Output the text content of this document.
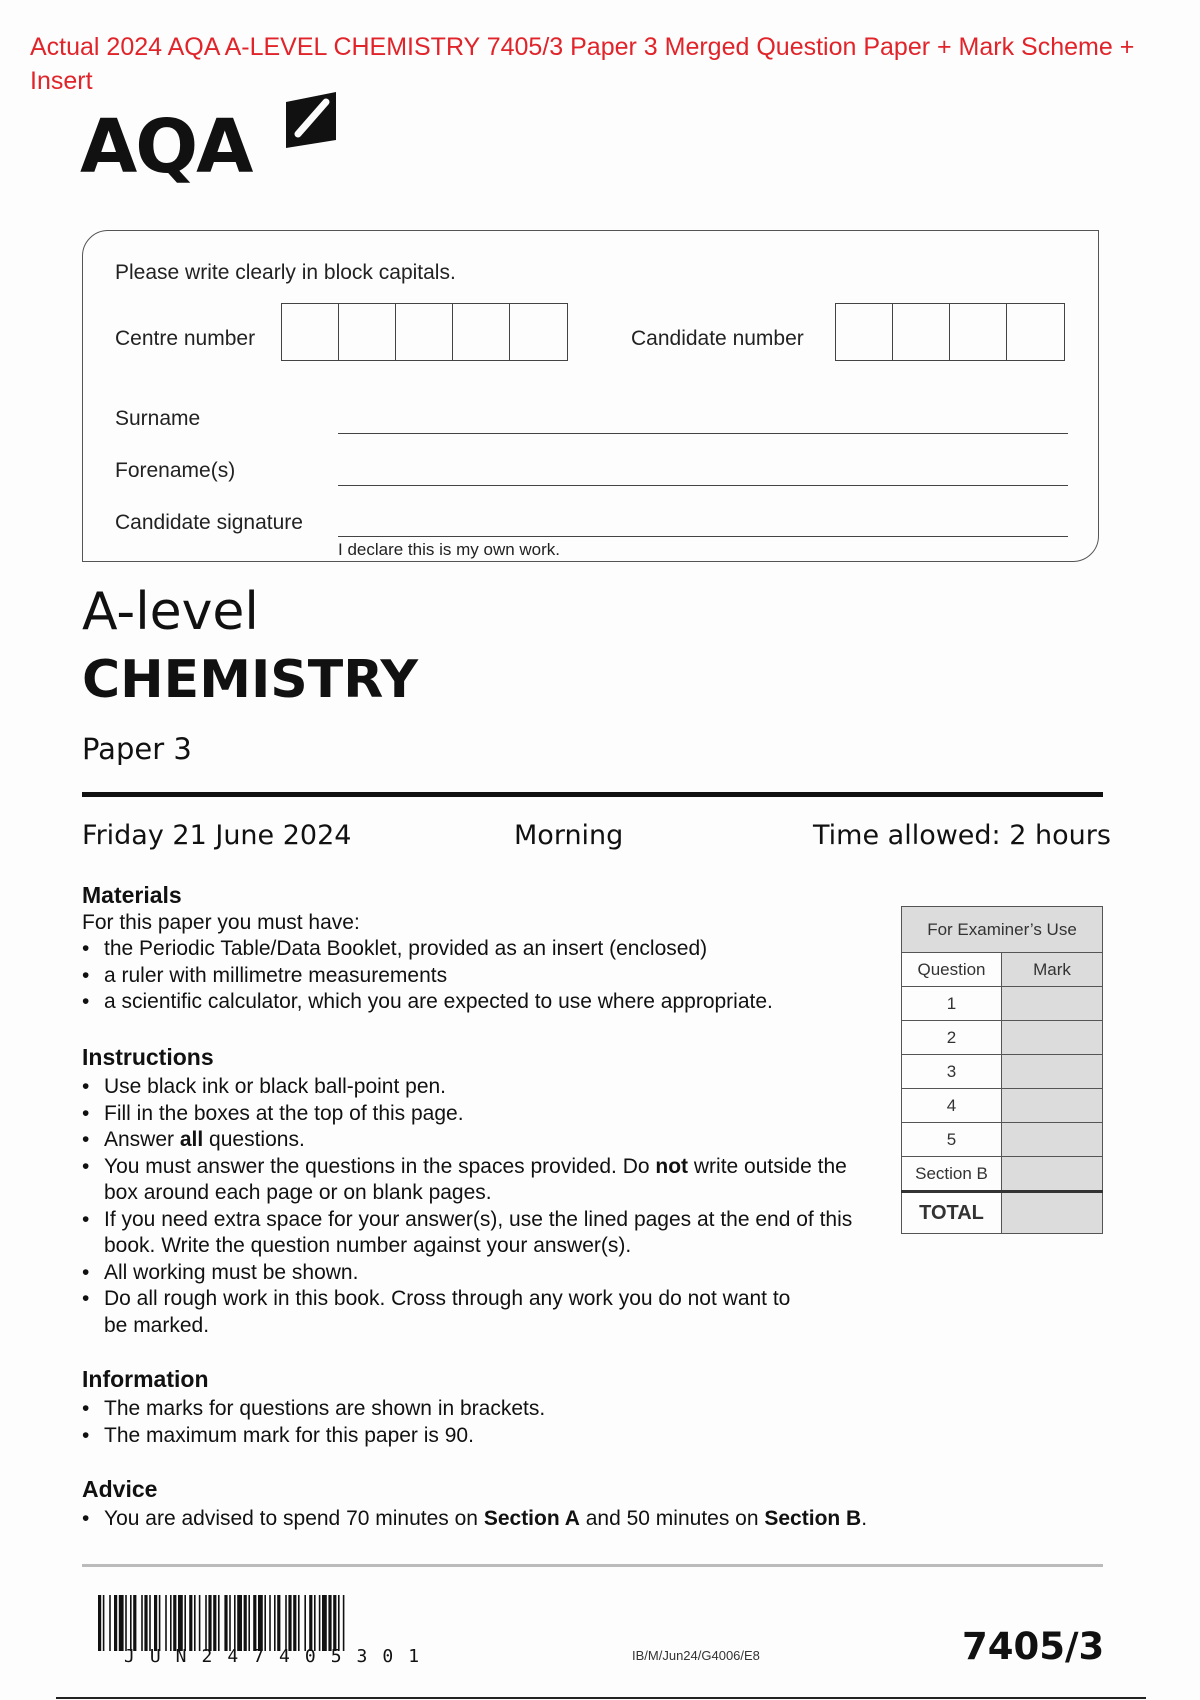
Actual 2024 AQA A-LEVEL CHEMISTRY 7405/3 Paper 3 Merged Question Paper + Mark Scheme + Insert
AQA
Please write clearly in block capitals.
Centre number	Candidate number
Surname
Forename(s)
Candidate signature
I declare this is my own work.
A-level
CHEMISTRY
Paper 3
Friday 21 June 2024	Morning	Time allowed: 2 hours
Materials
For this paper you must have:
• the Periodic Table/Data Booklet, provided as an insert (enclosed)
• a ruler with millimetre measurements
• a scientific calculator, which you are expected to use where appropriate.
Instructions
• Use black ink or black ball-point pen.
• Fill in the boxes at the top of this page.
• Answer all questions.
• You must answer the questions in the spaces provided. Do not write outside the box around each page or on blank pages.
• If you need extra space for your answer(s), use the lined pages at the end of this book. Write the question number against your answer(s).
• All working must be shown.
• Do all rough work in this book. Cross through any work you do not want to be marked.
Information
• The marks for questions are shown in brackets.
• The maximum mark for this paper is 90.
Advice
• You are advised to spend 70 minutes on Section A and 50 minutes on Section B.
For Examiner’s Use	
Question	Mark
1	
2	
3	
4	
5	
Section B	
TOTAL	
JUN247405301	IB/M/Jun24/G4006/E8	7405/3
